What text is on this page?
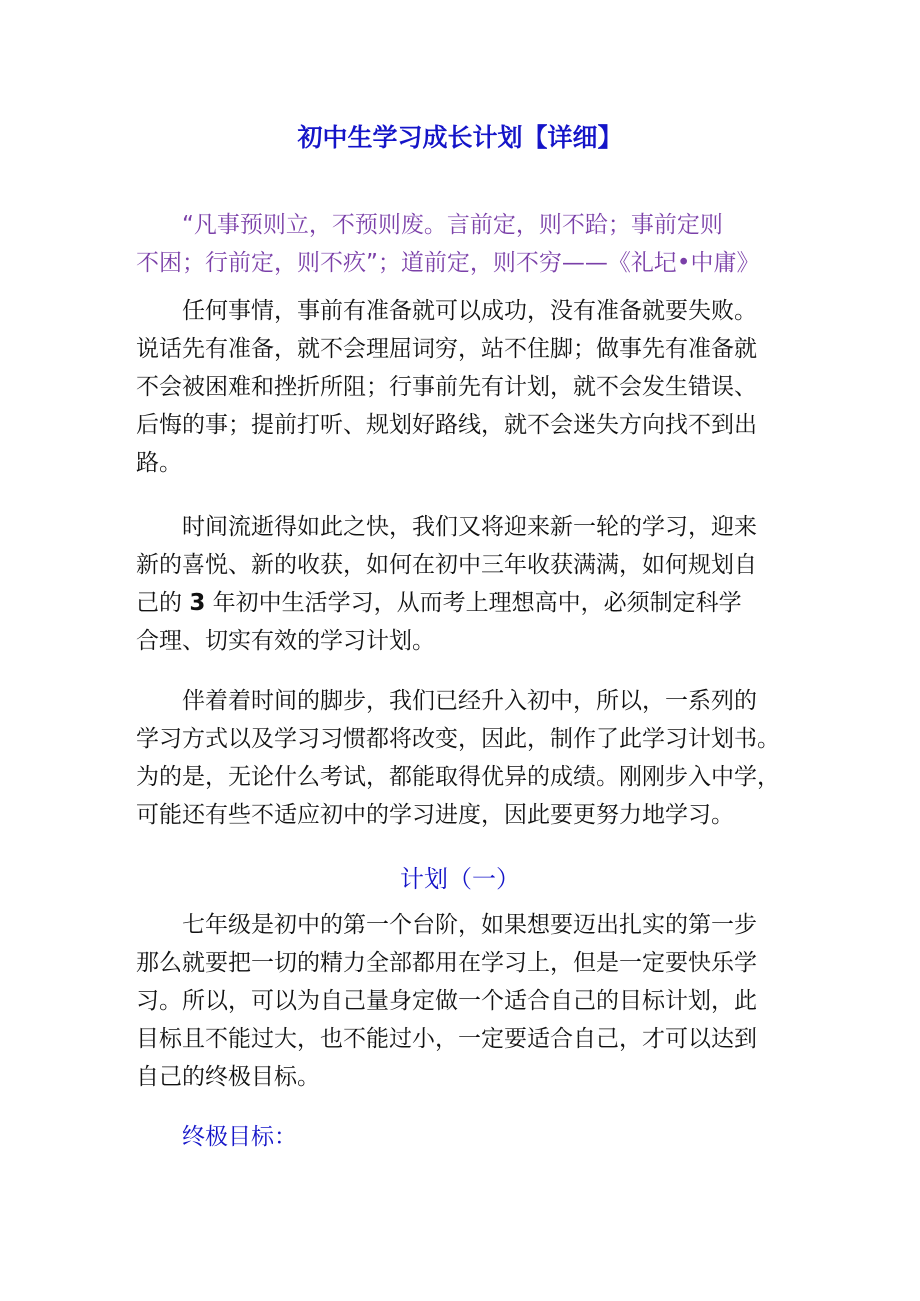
初中生学习成长计划【详细】
“凡事预则立，不预则废。言前定，则不跲；事前定则
不困；行前定，则不疚”；道前定，则不穷——《礼圮•中庸》
任何事情，事前有准备就可以成功，没有准备就要失败。
说话先有准备，就不会理屈词穷，站不住脚；做事先有准备就
不会被困难和挫折所阻；行事前先有计划，就不会发生错误、
后悔的事；提前打听、规划好路线，就不会迷失方向找不到出
路。
时间流逝得如此之快，我们又将迎来新一轮的学习，迎来
新的喜悦、新的收获，如何在初中三年收获满满，如何规划自
己的 3 年初中生活学习，从而考上理想高中，必须制定科学
合理、切实有效的学习计划。
伴着着时间的脚步，我们已经升入初中，所以，一系列的
学习方式以及学习习惯都将改变，因此，制作了此学习计划书。
为的是，无论什么考试，都能取得优异的成绩。刚刚步入中学，
可能还有些不适应初中的学习进度，因此要更努力地学习。
计划（一）
七年级是初中的第一个台阶，如果想要迈出扎实的第一步
那么就要把一切的精力全部都用在学习上，但是一定要快乐学
习。所以，可以为自己量身定做一个适合自己的目标计划，此
目标且不能过大，也不能过小，一定要适合自己，才可以达到
自己的终极目标。
终极目标：
